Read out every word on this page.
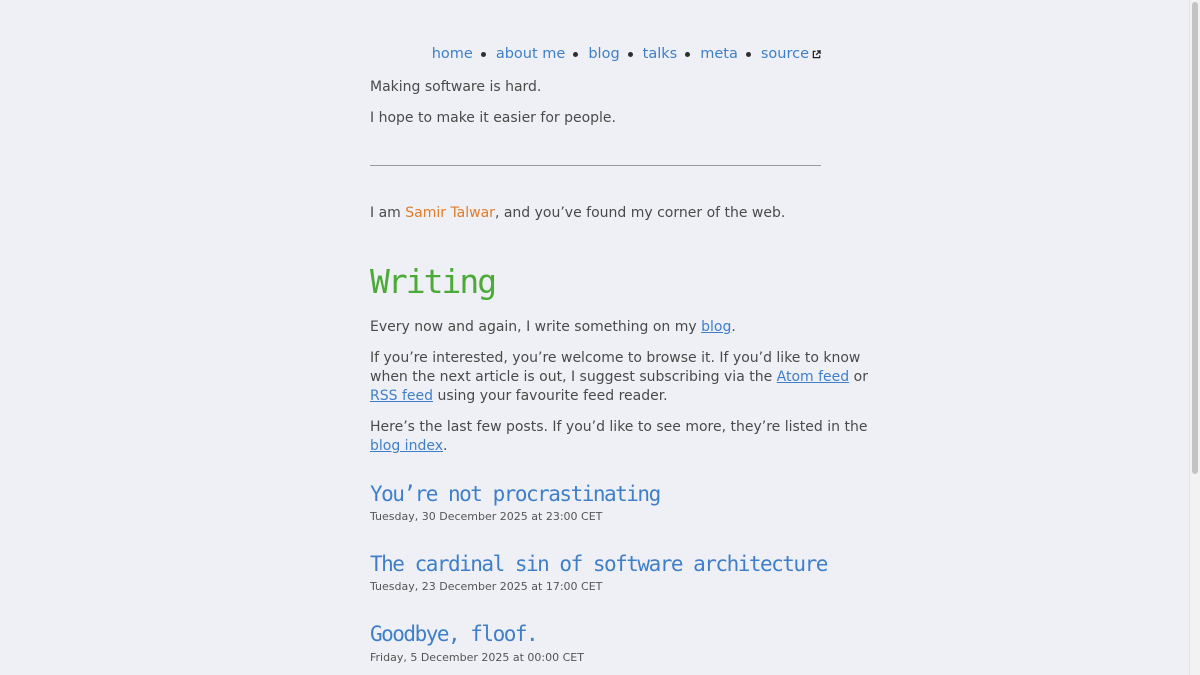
home about me blog talks meta source

Making software is hard.

I hope to make it easier for people.

I am Samir Talwar, and you’ve found my corner of the web.

Writing

Every now and again, I write something on my blog.

If you’re interested, you’re welcome to browse it. If you’d like to know

when the next article is out, I suggest subscribing via the Atom feed or

RSS feed using your favourite feed reader.

Here’s the last few posts. If you’d like to see more, they’re listed in the

blog index.

You’re not procrastinating

Tuesday, 30 December 2025 at 23:00 CET

The cardinal sin of software architecture

Tuesday, 23 December 2025 at 17:00 CET

Goodbye, floof.

Friday, 5 December 2025 at 00:00 CET
